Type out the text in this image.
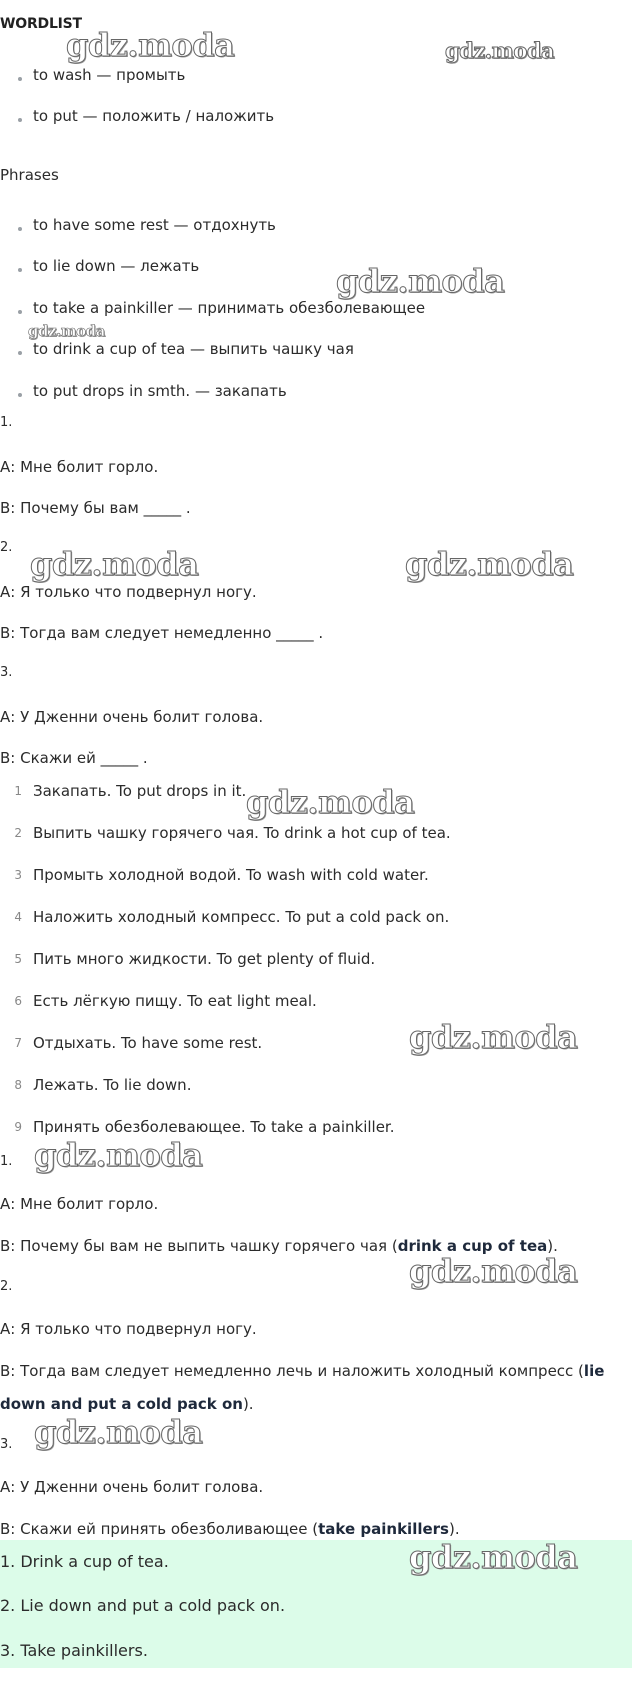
WORDLIST
to wash — промыть
to put — положить / наложить
Phrases
to have some rest — отдохнуть
to lie down — лежать
to take a painkiller — принимать обезболевающее
to drink a cup of tea — выпить чашку чая
to put drops in smth. — закапать
1.
А: Мне болит горло.
В: Почему бы вам _____ .
2.
А: Я только что подвернул ногу.
В: Тогда вам следует немедленно _____ .
3.
А: У Дженни очень болит голова.
В: Скажи ей _____ .
1 Закапать. To put drops in it.
2 Выпить чашку горячего чая. To drink a hot cup of tea.
3 Промыть холодной водой. To wash with cold water.
4 Наложить холодный компресс. To put a cold pack on.
5 Пить много жидкости. To get plenty of fluid.
6 Есть лёгкую пищу. To eat light meal.
7 Отдыхать. To have some rest.
8 Лежать. To lie down.
9 Принять обезболевающее. To take a painkiller.
1.
А: Мне болит горло.
В: Почему бы вам не выпить чашку горячего чая (drink a cup of tea).
2.
А: Я только что подвернул ногу.
В: Тогда вам следует немедленно лечь и наложить холодный компресс (lie
down and put a cold pack on).
3.
А: У Дженни очень болит голова.
В: Скажи ей принять обезболивающее (take painkillers).
1. Drink a cup of tea.
2. Lie down and put a cold pack on.
3. Take painkillers.
gdz.moda	gdz.moda
gdz.moda
gdz.moda
gdz.moda	gdz.moda
gdz.moda
gdz.moda
gdz.moda
gdz.moda
gdz.moda
gdz.moda
